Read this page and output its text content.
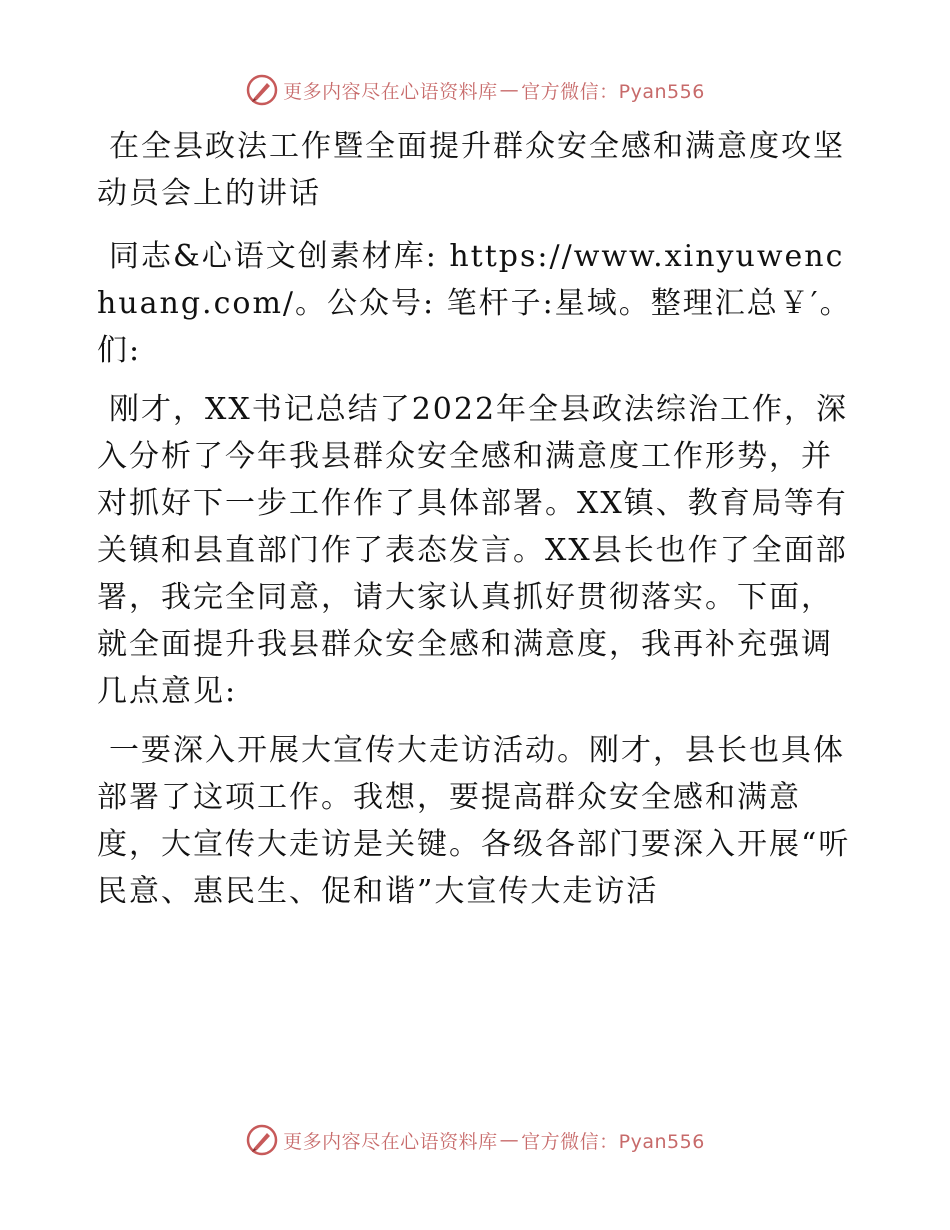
更多内容尽在心语资料库 — 官方微信：Pyan556

在全县政法工作暨全面提升群众安全感和满意度攻坚动员会上的讲话

同志&心语文创素材库: https://www.xinyuwenchuang.com/。公众号: 笔杆子:星域。整理汇总￥′。们:

刚才，XX书记总结了2022年全县政法综治工作，深入分析了今年我县群众安全感和满意度工作形势，并对抓好下一步工作作了具体部署。XX镇、教育局等有关镇和县直部门作了表态发言。XX县长也作了全面部署，我完全同意，请大家认真抓好贯彻落实。下面，就全面提升我县群众安全感和满意度，我再补充强调几点意见:

一要深入开展大宣传大走访活动。刚才，县长也具体部署了这项工作。我想，要提高群众安全感和满意度，大宣传大走访是关键。各级各部门要深入开展“听民意、惠民生、促和谐”大宣传大走访活

更多内容尽在心语资料库 — 官方微信：Pyan556
